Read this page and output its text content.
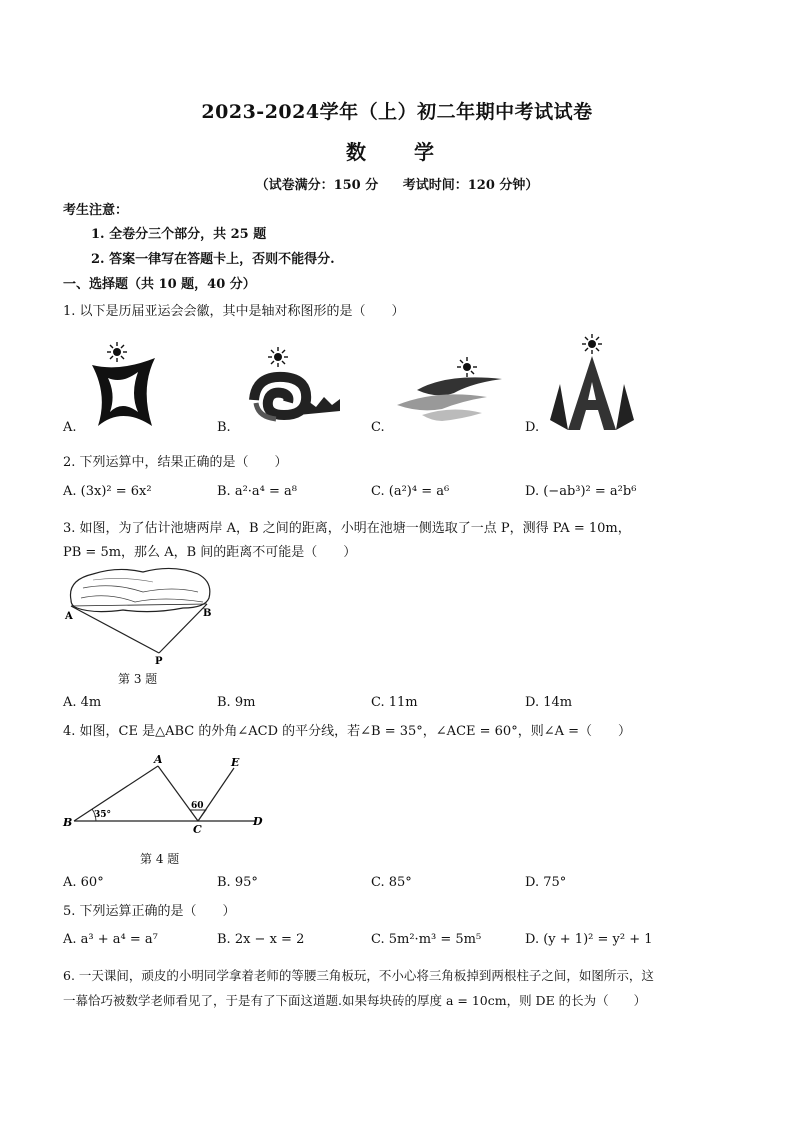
2023-2024学年（上）初二年期中考试试卷
数　学
（试卷满分：150 分 考试时间：120 分钟）
考生注意：
1. 全卷分三个部分，共 25 题
2. 答案一律写在答题卡上，否则不能得分.
一、选择题（共 10 题，40 分）
1. 以下是历届亚运会会徽，其中是轴对称图形的是（　　）
A.	B.	C.	D.
2. 下列运算中，结果正确的是（　　）
A. (3x)² = 6x²	B. a²·a⁴ = a⁸	C. (a²)⁴ = a⁶	D. (−ab³)² = a²b⁶
3. 如图，为了估计池塘两岸 A，B 之间的距离，小明在池塘一侧选取了一点 P，测得 PA = 10m，
PB = 5m，那么 A，B 间的距离不可能是（　　）
A	B
P
第 3 题
A. 4m	B. 9m	C. 11m	D. 14m
4. 如图，CE 是△ABC 的外角∠ACD 的平分线，若∠B = 35°，∠ACE = 60°，则∠A =（　　）
A
B
C
D
E
35°
60
第 4 题
A. 60°	B. 95°	C. 85°	D. 75°
5. 下列运算正确的是（　　）
A. a³ + a⁴ = a⁷	B. 2x − x = 2	C. 5m²·m³ = 5m⁵	D. (y + 1)² = y² + 1
6. 一天课间，顽皮的小明同学拿着老师的等腰三角板玩，不小心将三角板掉到两根柱子之间，如图所示，这
一幕恰巧被数学老师看见了，于是有了下面这道题.如果每块砖的厚度 a = 10cm，则 DE 的长为（　　）
